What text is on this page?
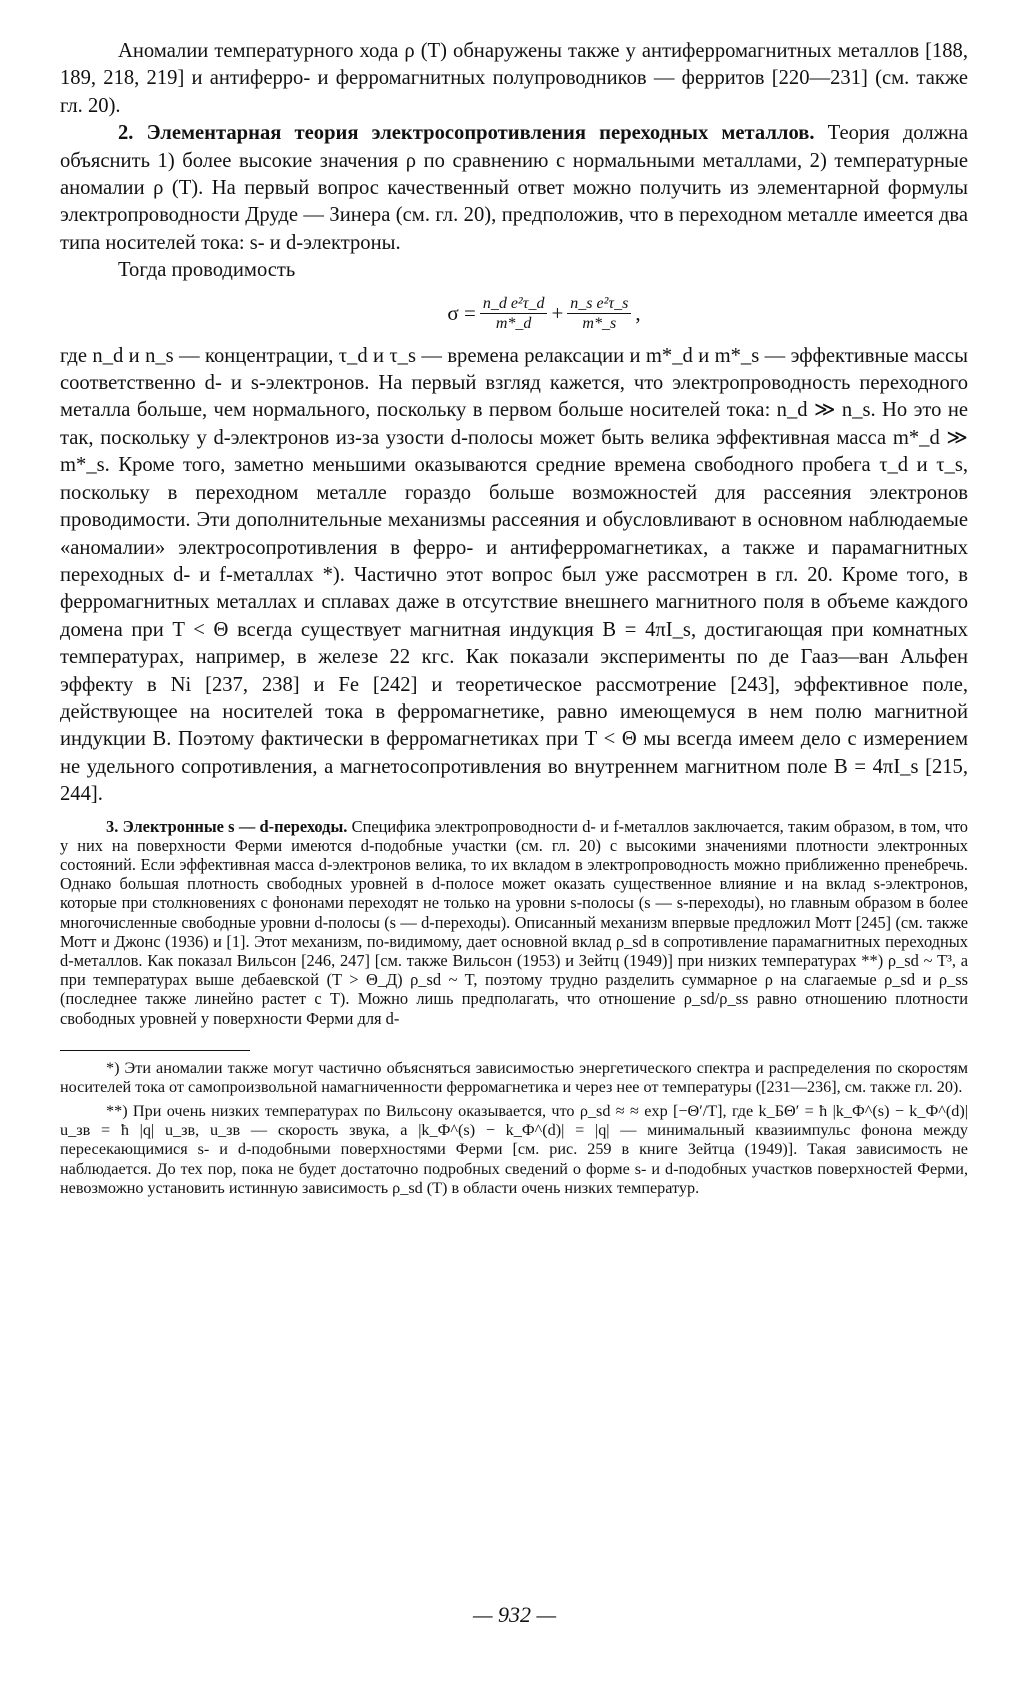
Аномалии температурного хода ρ (T) обнаружены также у антиферромагнитных металлов [188, 189, 218, 219] и антиферро- и ферромагнитных полупроводников — ферритов [220—231] (см. также гл. 20).

2. Элементарная теория электросопротивления переходных металлов. Теория должна объяснить 1) более высокие значения ρ по сравнению с нормальными металлами, 2) температурные аномалии ρ (T). На первый вопрос качественный ответ можно получить из элементарной формулы электропроводности Друде — Зинера (см. гл. 20), предположив, что в переходном металле имеется два типа носителей тока: s- и d-электроны.

Тогда проводимость

$\sigma = \frac{\text{n\_d e²τ\_d}}{m*\_d} + \frac{\text{n\_s e²τ\_s}}{m*\_s}$ ,

где n_d и n_s — концентрации, τ_d и τ_s — времена релаксации и m*_d и m*_s — эффективные массы соответственно d- и s-электронов. На первый взгляд кажется, что электропроводность переходного металла больше, чем нормального, поскольку в первом больше носителей тока: n_d ≫ n_s. Но это не так, поскольку у d-электронов из-за узости d-полосы может быть велика эффективная масса m*_d ≫ m*_s. Кроме того, заметно меньшими оказываются средние времена свободного пробега τ_d и τ_s, поскольку в переходном металле гораздо больше возможностей для рассеяния электронов проводимости. Эти дополнительные механизмы рассеяния и обусловливают в основном наблюдаемые «аномалии» электросопротивления в ферро- и антиферромагнетиках, а также и парамагнитных переходных d- и f-металлах *). Частично этот вопрос был уже рассмотрен в гл. 20. Кроме того, в ферромагнитных металлах и сплавах даже в отсутствие внешнего магнитного поля в объеме каждого домена при T < Θ всегда существует магнитная индукция B = 4πI_s, достигающая при комнатных температурах, например, в железе 22 кгс. Как показали эксперименты по де Гааз—ван Альфен эффекту в Ni [237, 238] и Fe [242] и теоретическое рассмотрение [243], эффективное поле, действующее на носителей тока в ферромагнетике, равно имеющемуся в нем полю магнитной индукции B. Поэтому фактически в ферромагнетиках при T < Θ мы всегда имеем дело с измерением не удельного сопротивления, а магнетосопротивления во внутреннем магнитном поле B = 4πI_s [215, 244].

3. Электронные s — d-переходы. Специфика электропроводности d- и f-металлов заключается, таким образом, в том, что у них на поверхности Ферми имеются d-подобные участки (см. гл. 20) с высокими значениями плотности электронных состояний. Если эффективная масса d-электронов велика, то их вкладом в электропроводность можно приближенно пренебречь. Однако большая плотность свободных уровней в d-полосе может оказать существенное влияние и на вклад s-электронов, которые при столкновениях с фононами переходят не только на уровни s-полосы (s — s-переходы), но главным образом в более многочисленные свободные уровни d-полосы (s — d-переходы). Описанный механизм впервые предложил Мотт [245] (см. также Мотт и Джонс (1936) и [1]. Этот механизм, по-видимому, дает основной вклад ρ_sd в сопротивление парамагнитных переходных d-металлов. Как показал Вильсон [246, 247] [см. также Вильсон (1953) и Зейтц (1949)] при низких температурах **) ρ_sd ~ T³, а при температурах выше дебаевской (T > Θ_Д) ρ_sd ~ T, поэтому трудно разделить суммарное ρ на слагаемые ρ_sd и ρ_ss (последнее также линейно растет с T). Можно лишь предполагать, что отношение ρ_sd/ρ_ss равно отношению плотности свободных уровней у поверхности Ферми для d-

*) Эти аномалии также могут частично объясняться зависимостью энергетического спектра и распределения по скоростям носителей тока от самопроизвольной намагниченности ферромагнетика и через нее от температуры ([231—236], см. также гл. 20).

**) При очень низких температурах по Вильсону оказывается, что ρ_sd ≈ ≈ exp [−Θ′/T], где k_БΘ′ = ħ |k_Ф^(s) − k_Ф^(d)| u_зв = ħ |q| u_зв, u_зв — скорость звука, а |k_Ф^(s) − k_Ф^(d)| = |q| — минимальный квазиимпульс фонона между пересекающимися s- и d-подобными поверхностями Ферми [см. рис. 259 в книге Зейтца (1949)]. Такая зависимость не наблюдается. До тех пор, пока не будет достаточно подробных сведений о форме s- и d-подобных участков поверхностей Ферми, невозможно установить истинную зависимость ρ_sd (T) в области очень низких температур.

— 932 —
